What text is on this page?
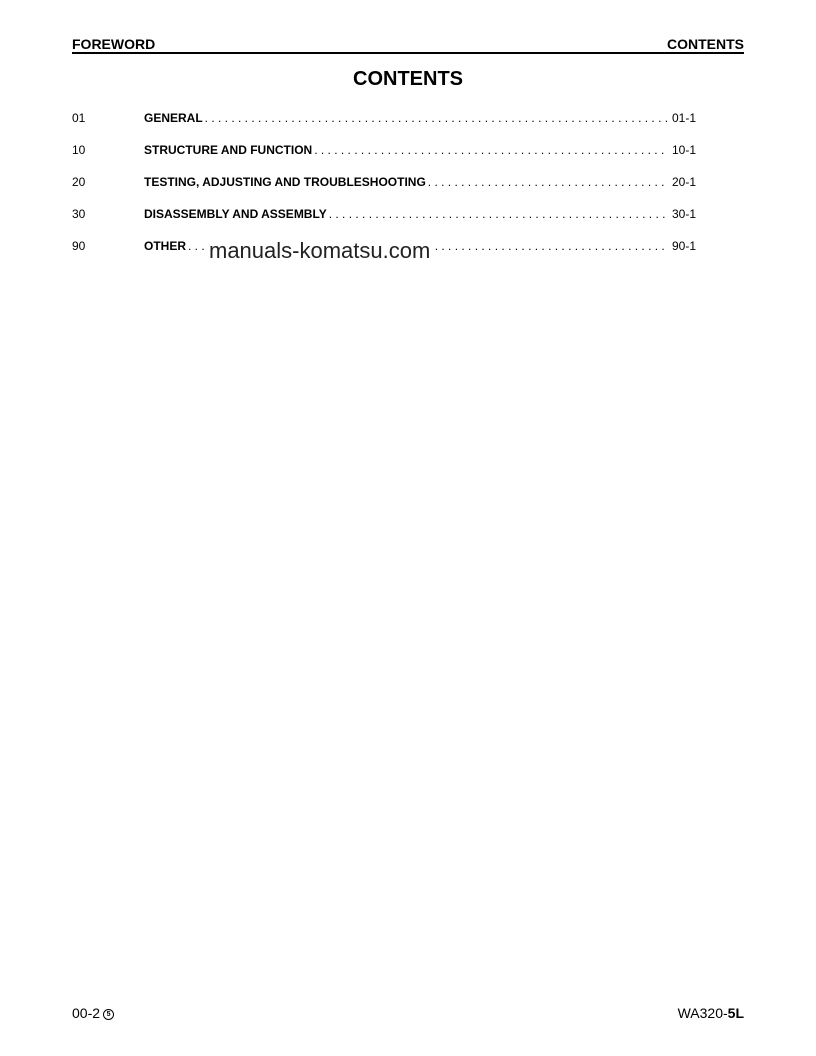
FOREWORD	CONTENTS
CONTENTS
01	GENERAL . . .	01-1
10	STRUCTURE AND FUNCTION . . .	10-1
20	TESTING, ADJUSTING AND TROUBLESHOOTING . . .	20-1
30	DISASSEMBLY AND ASSEMBLY . . .	30-1
90	OTHER . . .	90-1
manuals-komatsu.com
00-2 5	WA320-5L
